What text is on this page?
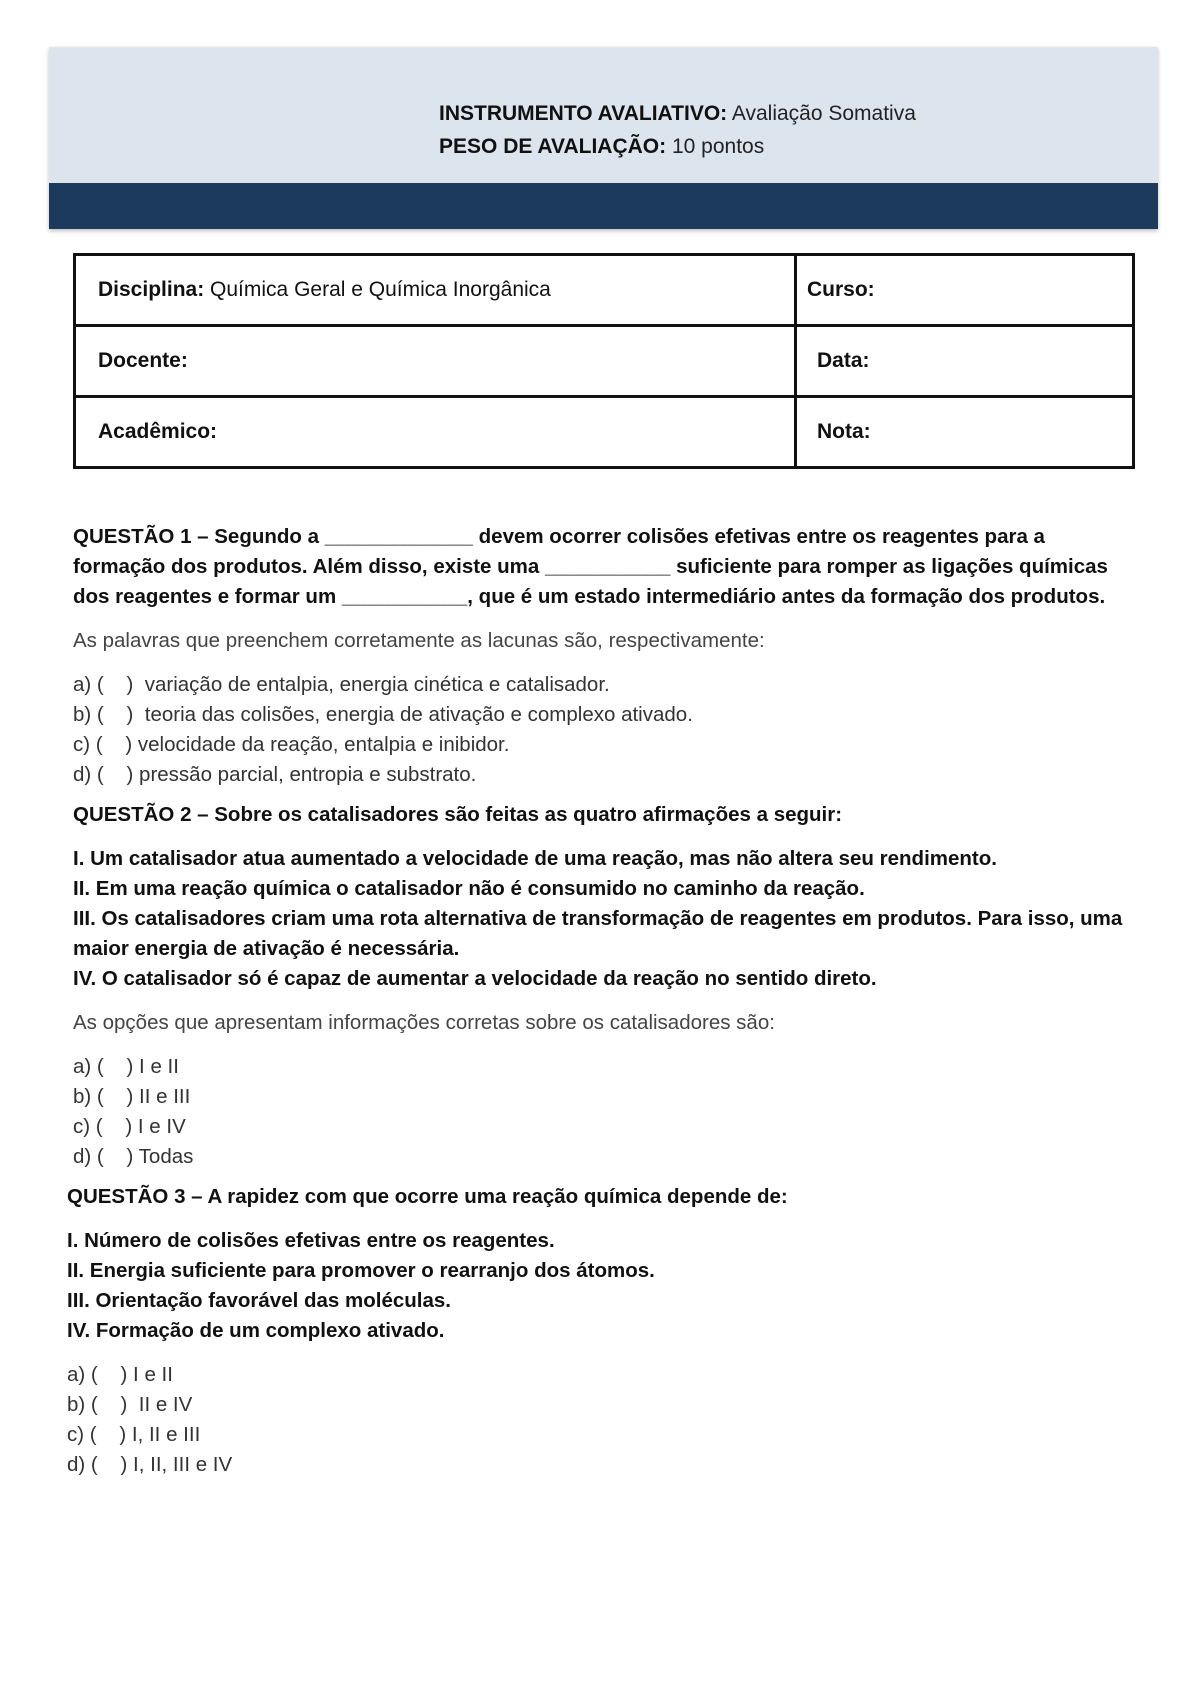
INSTRUMENTO AVALIATIVO: Avaliação Somativa
PESO DE AVALIAÇÃO: 10 pontos
Disciplina: Química Geral e Química Inorgânica	Curso:
Docente:	Data:
Acadêmico:	Nota:
QUESTÃO 1 – Segundo a _____________ devem ocorrer colisões efetivas entre os reagentes para a formação dos produtos. Além disso, existe uma ___________ suficiente para romper as ligações químicas dos reagentes e formar um ___________, que é um estado intermediário antes da formação dos produtos.
As palavras que preenchem corretamente as lacunas são, respectivamente:
a) (    )  variação de entalpia, energia cinética e catalisador.
b) (    )  teoria das colisões, energia de ativação e complexo ativado.
c) (    ) velocidade da reação, entalpia e inibidor.
d) (    ) pressão parcial, entropia e substrato.
QUESTÃO 2 – Sobre os catalisadores são feitas as quatro afirmações a seguir:
I. Um catalisador atua aumentado a velocidade de uma reação, mas não altera seu rendimento.
II. Em uma reação química o catalisador não é consumido no caminho da reação.
III. Os catalisadores criam uma rota alternativa de transformação de reagentes em produtos. Para isso, uma maior energia de ativação é necessária.
IV. O catalisador só é capaz de aumentar a velocidade da reação no sentido direto.
As opções que apresentam informações corretas sobre os catalisadores são:
a) (    ) I e II
b) (    ) II e III
c) (    ) I e IV
d) (    ) Todas
QUESTÃO 3 – A rapidez com que ocorre uma reação química depende de:
I. Número de colisões efetivas entre os reagentes.
II. Energia suficiente para promover o rearranjo dos átomos.
III. Orientação favorável das moléculas.
IV. Formação de um complexo ativado.
a) (    ) I e II
b) (    )  II e IV
c) (    ) I, II e III
d) (    ) I, II, III e IV
